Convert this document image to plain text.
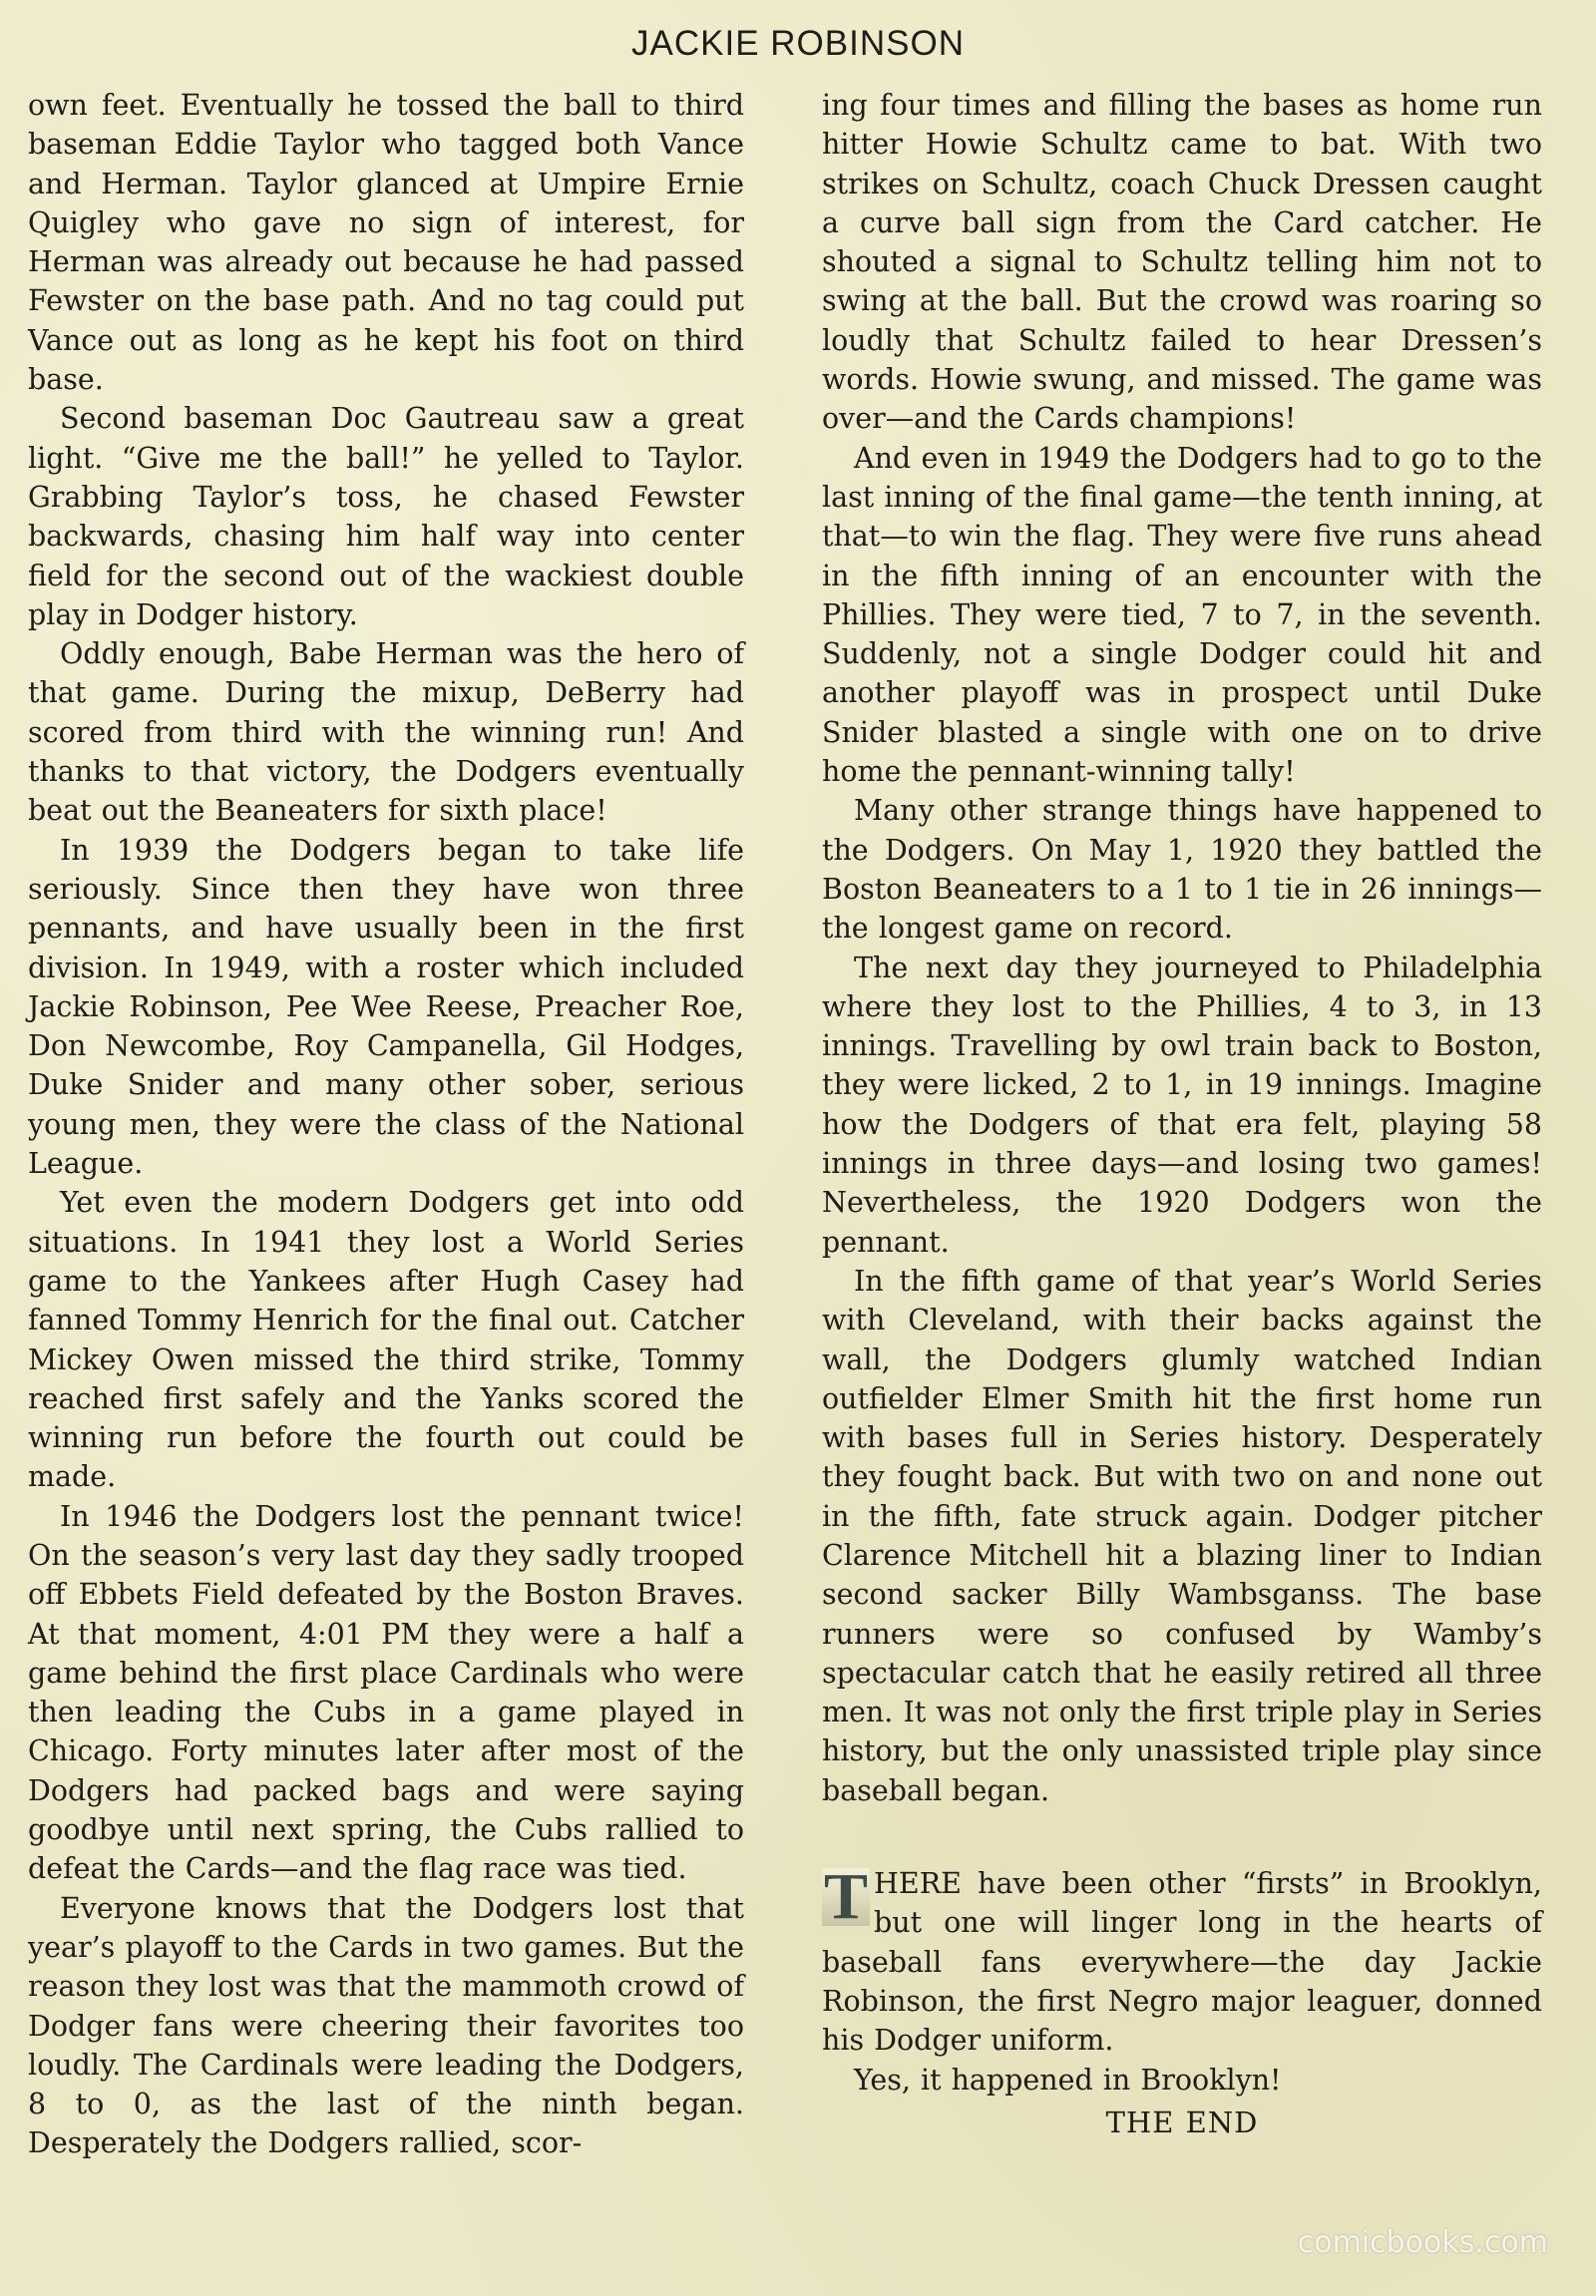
JACKIE ROBINSON

own feet. Eventually he tossed the ball to third baseman Eddie Taylor who tagged both Vance and Herman. Taylor glanced at Umpire Ernie Quigley who gave no sign of interest, for Herman was already out because he had passed Fewster on the base path. And no tag could put Vance out as long as he kept his foot on third base.

Second baseman Doc Gautreau saw a great light. “Give me the ball!” he yelled to Taylor. Grabbing Taylor’s toss, he chased Fewster backwards, chasing him half way into center field for the second out of the wackiest double play in Dodger history.

Oddly enough, Babe Herman was the hero of that game. During the mixup, DeBerry had scored from third with the winning run! And thanks to that victory, the Dodgers eventually beat out the Beaneaters for sixth place!

In 1939 the Dodgers began to take life seriously. Since then they have won three pennants, and have usually been in the first division. In 1949, with a roster which included Jackie Robinson, Pee Wee Reese, Preacher Roe, Don Newcombe, Roy Campanella, Gil Hodges, Duke Snider and many other sober, serious young men, they were the class of the National League.

Yet even the modern Dodgers get into odd situations. In 1941 they lost a World Series game to the Yankees after Hugh Casey had fanned Tommy Henrich for the final out. Catcher Mickey Owen missed the third strike, Tommy reached first safely and the Yanks scored the winning run before the fourth out could be made.

In 1946 the Dodgers lost the pennant twice! On the season’s very last day they sadly trooped off Ebbets Field defeated by the Boston Braves. At that moment, 4:01 PM they were a half a game behind the first place Cardinals who were then leading the Cubs in a game played in Chicago. Forty minutes later after most of the Dodgers had packed bags and were saying goodbye until next spring, the Cubs rallied to defeat the Cards—and the flag race was tied.

Everyone knows that the Dodgers lost that year’s playoff to the Cards in two games. But the reason they lost was that the mammoth crowd of Dodger fans were cheering their favorites too loudly. The Cardinals were leading the Dodgers, 8 to 0, as the last of the ninth began. Desperately the Dodgers rallied, scor-

ing four times and filling the bases as home run hitter Howie Schultz came to bat. With two strikes on Schultz, coach Chuck Dressen caught a curve ball sign from the Card catcher. He shouted a signal to Schultz telling him not to swing at the ball. But the crowd was roaring so loudly that Schultz failed to hear Dressen’s words. Howie swung, and missed. The game was over—and the Cards champions!

And even in 1949 the Dodgers had to go to the last inning of the final game—the tenth inning, at that—to win the flag. They were five runs ahead in the fifth inning of an encounter with the Phillies. They were tied, 7 to 7, in the seventh. Suddenly, not a single Dodger could hit and another playoff was in prospect until Duke Snider blasted a single with one on to drive home the pennant-winning tally!

Many other strange things have happened to the Dodgers. On May 1, 1920 they battled the Boston Beaneaters to a 1 to 1 tie in 26 innings—the longest game on record.

The next day they journeyed to Philadelphia where they lost to the Phillies, 4 to 3, in 13 innings. Travelling by owl train back to Boston, they were licked, 2 to 1, in 19 innings. Imagine how the Dodgers of that era felt, playing 58 innings in three days—and losing two games! Nevertheless, the 1920 Dodgers won the pennant.

In the fifth game of that year’s World Series with Cleveland, with their backs against the wall, the Dodgers glumly watched Indian outfielder Elmer Smith hit the first home run with bases full in Series history. Desperately they fought back. But with two on and none out in the fifth, fate struck again. Dodger pitcher Clarence Mitchell hit a blazing liner to Indian second sacker Billy Wambsganss. The base runners were so confused by Wamby’s spectacular catch that he easily retired all three men. It was not only the first triple play in Series history, but the only unassisted triple play since baseball began.

T HERE have been other “firsts” in Brooklyn, but one will linger long in the hearts of baseball fans everywhere—the day Jackie Robinson, the first Negro major leaguer, donned his Dodger uniform.

Yes, it happened in Brooklyn!

THE END
comicbooks.com
